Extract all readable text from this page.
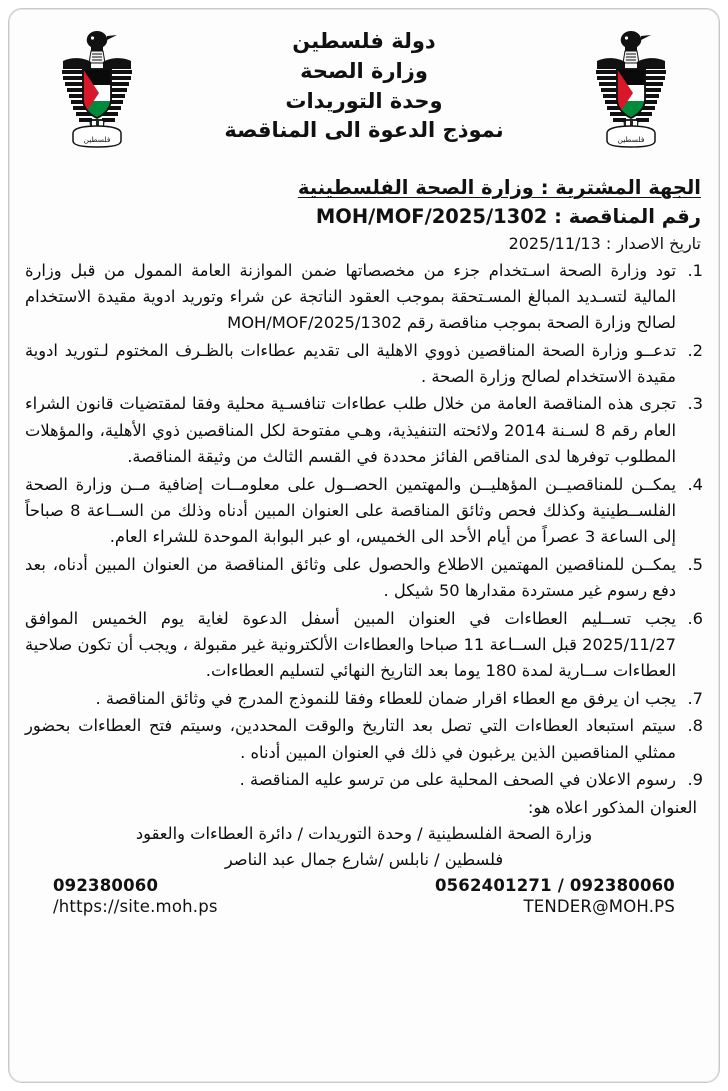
فلسطين
دولة فلسطين
وزارة الصحة
وحدة التوريدات
نموذج الدعوة الى المناقصة	فلسطين
الجهة المشترية : وزارة الصحة الفلسطينية
رقم المناقصة : MOH/MOF/2025/1302
تاريخ الاصدار : 2025/11/13
1.
تود وزارة الصحة اسـتخدام جزء من مخصصاتها ضمن الموازنة العامة الممول من قبل وزارة المالية لتسـديد المبالغ المسـتحقة بموجب العقود الناتجة عن شراء وتوريد ادوية مقيدة الاستخدام لصالح وزارة الصحة بموجب مناقصة رقم MOH/MOF/2025/1302
2.
تدعــو وزارة الصحة المناقصين ذووي الاهلية الى تقديم عطاءات بالظـرف المختوم لـتوريد ادوية مقيدة الاستخدام لصالح وزارة الصحة .
3.
تجرى هذه المناقصة العامة من خلال طلب عطاءات تنافسـية محلية وفقا لمقتضيات قانون الشراء العام رقم 8 لسـنة 2014 ولائحته التنفيذية، وهـي مفتوحة لكل المناقصين ذوي الأهلية، والمؤهلات المطلوب توفرها لدى المناقص الفائز محددة في القسم الثالث من وثيقة المناقصة.
4.
يمكــن للمناقصيــن المؤهليــن والمهتمين الحصــول على معلومــات إضافية مــن وزارة الصحة الفلســطينية وكذلك فحص وثائق المناقصة على العنوان المبين أدناه وذلك من الســاعة 8 صباحاً إلى الساعة 3 عصراً من أيام الأحد الى الخميس، او عبر البوابة الموحدة للشراء العام.
5.
يمكــن للمناقصين المهتمين الاطلاع والحصول على وثائق المناقصة من العنوان المبين أدناه، بعد دفع رسوم غير مستردة مقدارها 50 شيكل .
6.
يجب تســليم العطاءات في العنوان المبين أسفل الدعوة لغاية يوم الخميس الموافق 2025/11/27 قبل الســاعة 11 صباحا والعطاءات الألكترونية غير مقبولة ، ويجب أن تكون صلاحية العطاءات ســارية لمدة 180 يوما بعد التاريخ النهائي لتسليم العطاءات.
7.
يجب ان يرفق مع العطاء اقرار ضمان للعطاء وفقا للنموذج المدرج في وثائق المناقصة .
8.
سيتم استبعاد العطاءات التي تصل بعد التاريخ والوقت المحددين، وسيتم فتح العطاءات بحضور ممثلي المناقصين الذين يرغبون في ذلك في العنوان المبين أدناه .
9.
رسوم الاعلان في الصحف المحلية على من ترسو عليه المناقصة .
العنوان المذكور اعلاه هو:
وزارة الصحة الفلسطينية / وحدة التوريدات / دائرة العطاءات والعقود
فلسطين / نابلس /شارع جمال عبد الناصر
092380060	0562401271 / 092380060
/https://site.moh.ps	TENDER@MOH.PS
